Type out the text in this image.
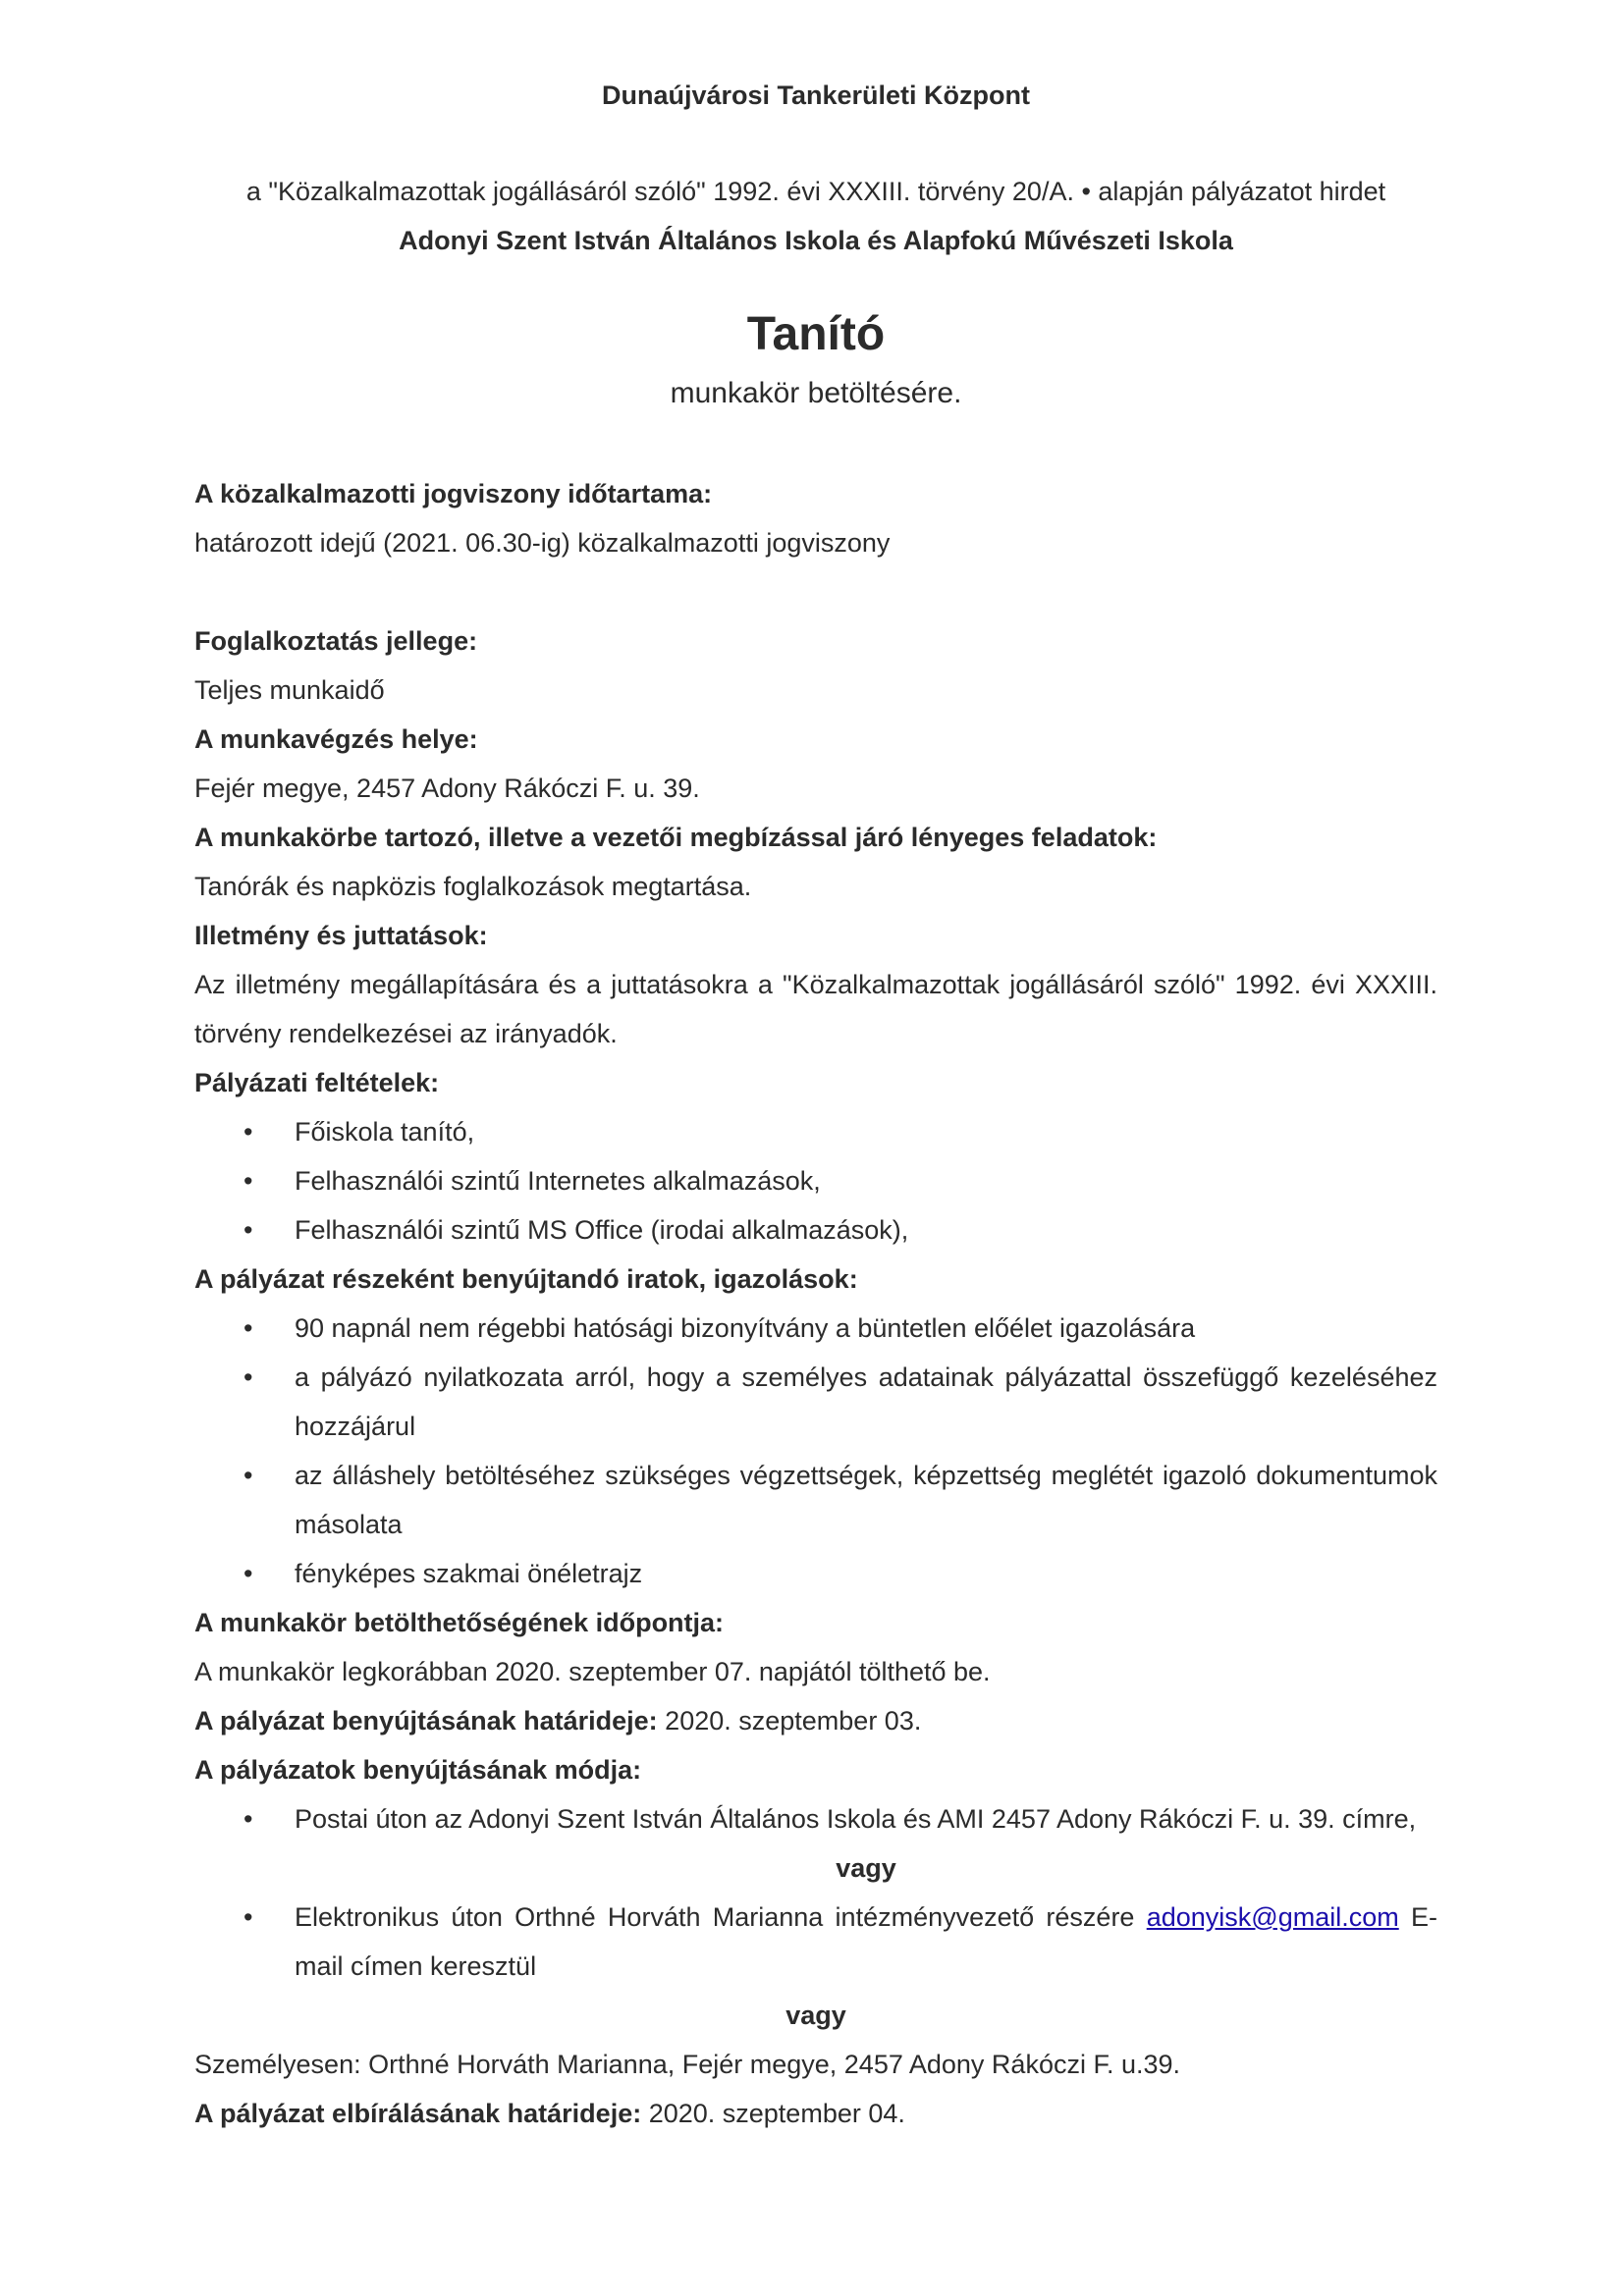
Dunaújvárosi Tankerületi Központ

a "Közalkalmazottak jogállásáról szóló" 1992. évi XXXIII. törvény 20/A. • alapján pályázatot hirdet

Adonyi Szent István Általános Iskola és Alapfokú Művészeti Iskola

Tanító

munkakör betöltésére.

A közalkalmazotti jogviszony időtartama:

határozott idejű (2021. 06.30-ig) közalkalmazotti jogviszony

Foglalkoztatás jellege:

Teljes munkaidő

A munkavégzés helye:

Fejér megye, 2457 Adony Rákóczi F. u. 39.

A munkakörbe tartozó, illetve a vezetői megbízással járó lényeges feladatok:

Tanórák és napközis foglalkozások megtartása.

Illetmény és juttatások:

Az illetmény megállapítására és a juttatásokra a "Közalkalmazottak jogállásáról szóló" 1992. évi XXXIII. törvény rendelkezései az irányadók.

Pályázati feltételek:

• Főiskola tanító,
• Felhasználói szintű Internetes alkalmazások,
• Felhasználói szintű MS Office (irodai alkalmazások),

A pályázat részeként benyújtandó iratok, igazolások:

• 90 napnál nem régebbi hatósági bizonyítvány a büntetlen előélet igazolására
• a pályázó nyilatkozata arról, hogy a személyes adatainak pályázattal összefüggő kezeléséhez hozzájárul
• az álláshely betöltéséhez szükséges végzettségek, képzettség meglétét igazoló dokumentumok másolata
• fényképes szakmai önéletrajz

A munkakör betölthetőségének időpontja:

A munkakör legkorábban 2020. szeptember 07. napjától tölthető be.

A pályázat benyújtásának határideje: 2020. szeptember 03.

A pályázatok benyújtásának módja:

• Postai úton az Adonyi Szent István Általános Iskola és AMI 2457 Adony Rákóczi F. u. 39. címre,

vagy

• Elektronikus úton Orthné Horváth Marianna intézményvezető részére adonyisk@gmail.com E-mail címen keresztül

vagy

Személyesen: Orthné Horváth Marianna, Fejér megye, 2457 Adony Rákóczi F. u.39.

A pályázat elbírálásának határideje: 2020. szeptember 04.
